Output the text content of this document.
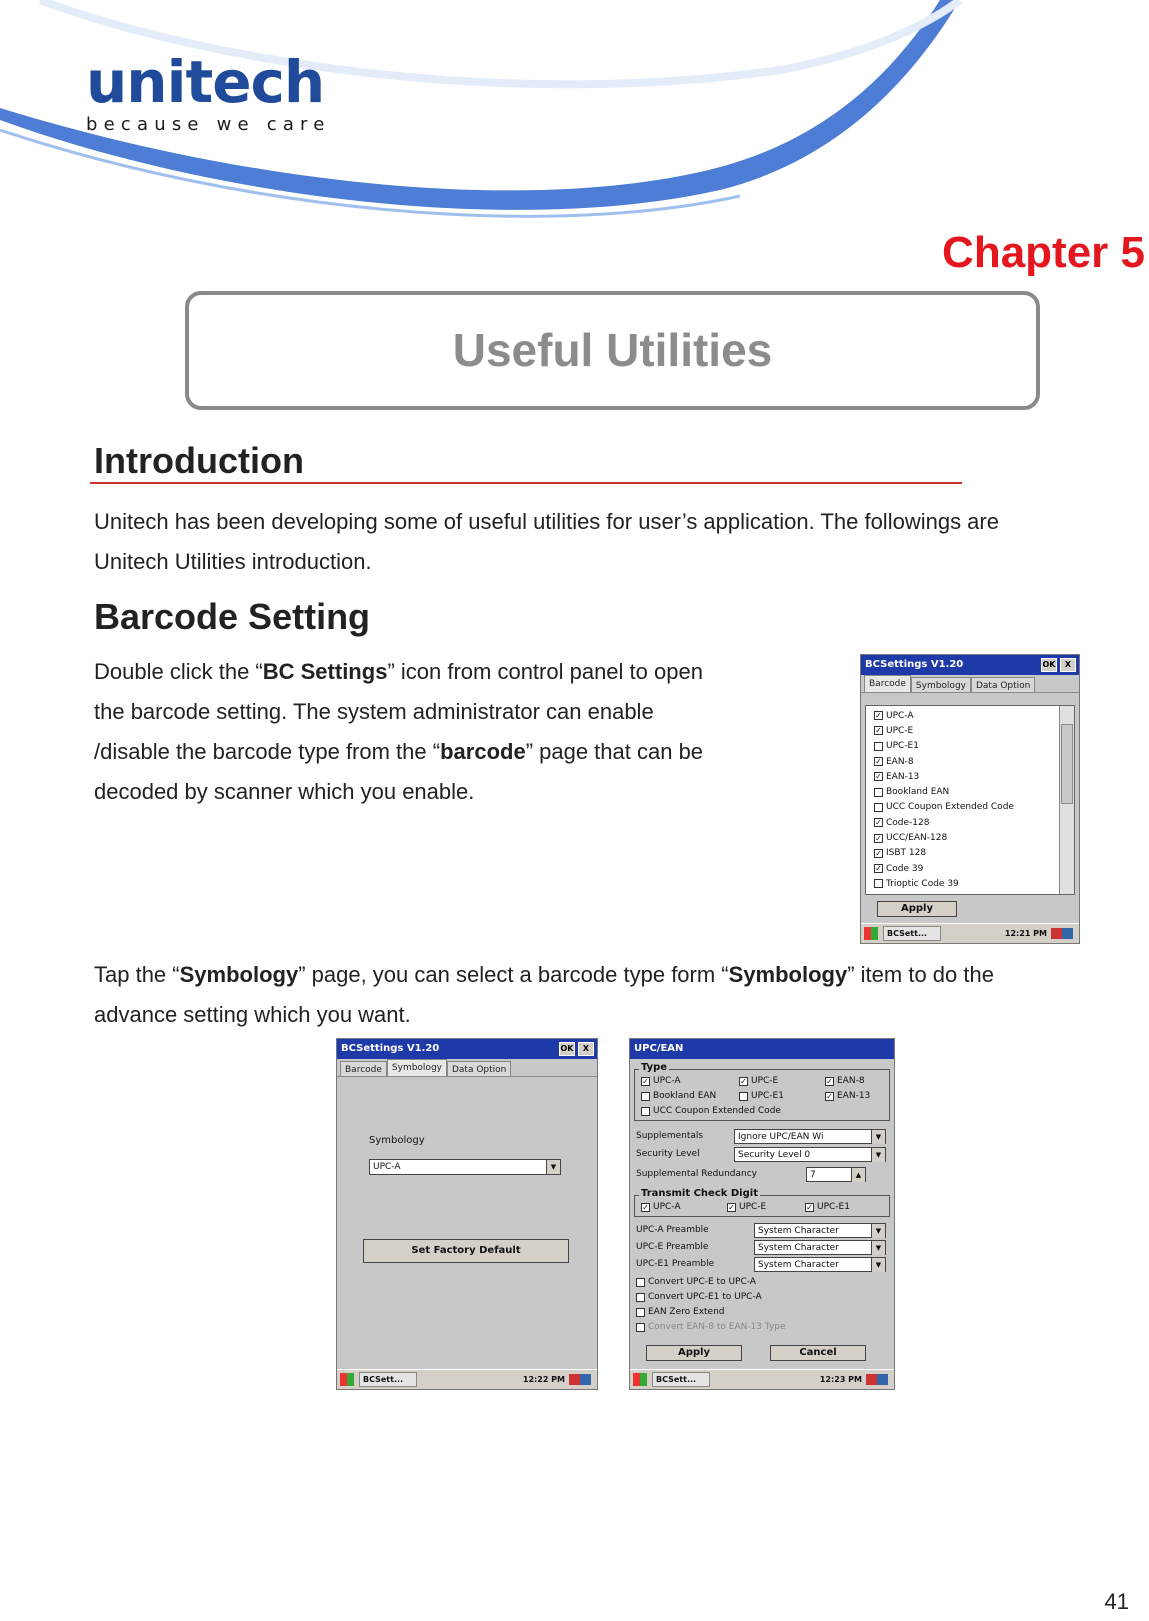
unitech
because we care
Chapter 5
Useful Utilities
Introduction
Unitech has been developing some of useful utilities for user’s application. The followings are
Unitech Utilities introduction.
Barcode Setting
Double click the “BC Settings” icon from control panel to open
the barcode setting. The system administrator can enable
/disable the barcode type from the “barcode” page that can be
decoded by scanner which you enable.
Tap the “Symbology” page, you can select a barcode type form “Symbology” item to do the
advance setting which you want.
BCSettings V1.20	OK	X
Barcode	Symbology	Data Option
✓ UPC-A
✓ UPC-E
UPC-E1
✓ EAN-8
✓ EAN-13
Bookland EAN
UCC Coupon Extended Code
✓ Code-128
✓ UCC/EAN-128
✓ ISBT 128
✓ Code 39
Trioptic Code 39
Apply
BCSett...	12:21 PM
BCSettings V1.20	OK	X
Barcode	Symbology	Data Option
Symbology
UPC-A	▼
Set Factory Default
BCSett...	12:22 PM
UPC/EAN
Type
✓ UPC-A	✓ UPC-E	✓ EAN-8
Bookland EAN	UPC-E1	✓ EAN-13
UCC Coupon Extended Code
Supplementals	Ignore UPC/EAN Wi	▼
Security Level	Security Level 0	▼
Supplemental Redundancy	7	▲
Transmit Check Digit
✓ UPC-A	✓ UPC-E	✓ UPC-E1
UPC-A Preamble	System Character	▼
UPC-E Preamble	System Character	▼
UPC-E1 Preamble	System Character	▼
Convert UPC-E to UPC-A
Convert UPC-E1 to UPC-A
EAN Zero Extend
Convert EAN-8 to EAN-13 Type
Apply	Cancel
BCSett...	12:23 PM
41
